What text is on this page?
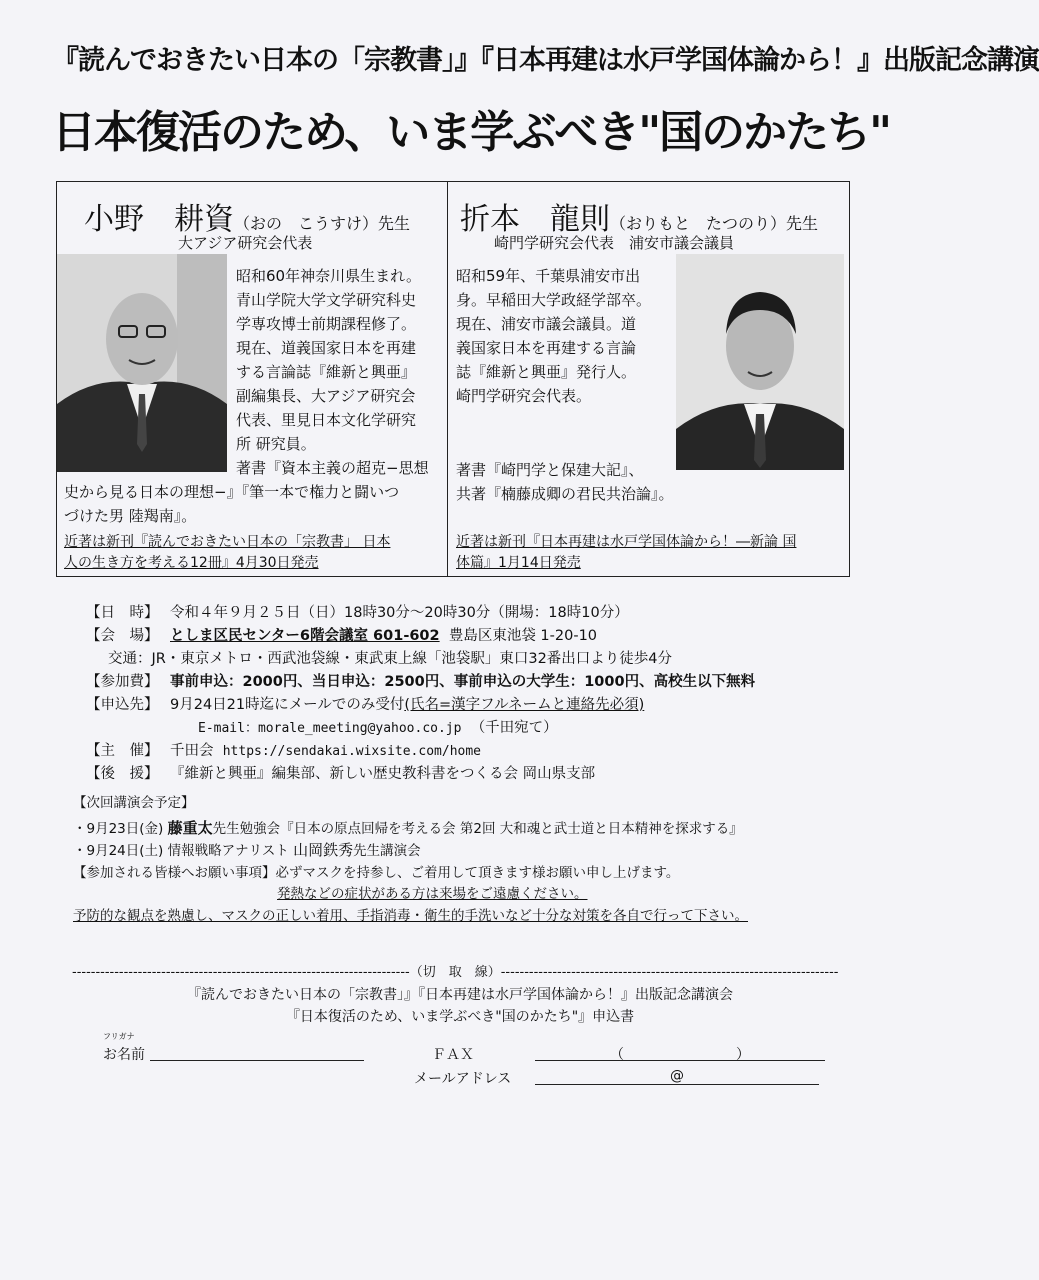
『読んでおきたい日本の「宗教書」』『日本再建は水戸学国体論から！』出版記念講演
日本復活のため、いま学ぶべき"国のかたち"
小野　耕資（おの　こうすけ）先生
大アジア研究会代表
昭和60年神奈川県生まれ。
青山学院大学文学研究科史
学専攻博士前期課程修了。
現在、道義国家日本を再建
する言論誌『維新と興亜』
副編集長、大アジア研究会
代表、里見日本文化学研究
所 研究員。
著書『資本主義の超克−思想
史から見る日本の理想−』『筆一本で権力と闘いつ
づけた男 陸羯南』。
近著は新刊『読んでおきたい日本の「宗教書」 日本
人の生き方を考える12冊』4月30日発売
折本　龍則（おりもと　たつのり）先生
崎門学研究会代表　浦安市議会議員
昭和59年、千葉県浦安市出
身。早稲田大学政経学部卒。
現在、浦安市議会議員。道
義国家日本を再建する言論
誌『維新と興亜』発行人。
崎門学研究会代表。
著書『崎門学と保建大記』、
共著『楠藤成卿の君民共治論』。
近著は新刊『日本再建は水戸学国体論から！―新論 国
体篇』1月14日発売
【日　時】 令和４年９月２５日（日）18時30分〜20時30分（開場：18時10分）
【会　場】 としま区民センター6階会議室 601-602 豊島区東池袋 1-20-10
交通：JR・東京メトロ・西武池袋線・東武東上線「池袋駅」東口32番出口より徒歩4分
【参加費】 事前申込：2000円、当日申込：2500円、事前申込の大学生：1000円、高校生以下無料
【申込先】 9月24日21時迄にメールでのみ受付(氏名=漢字フルネームと連絡先必須)
E-mail：morale_meeting@yahoo.co.jp （千田宛て）
【主　催】 千田会 https://sendakai.wixsite.com/home
【後　援】 『維新と興亜』編集部、新しい歴史教科書をつくる会 岡山県支部
【次回講演会予定】
・9月23日(金) 藤重太先生勉強会『日本の原点回帰を考える会 第2回 大和魂と武士道と日本精神を探求する』
・9月24日(土) 情報戦略アナリスト 山岡鉄秀先生講演会
【参加される皆様へお願い事項】必ずマスクを持参し、ご着用して頂きます様お願い申し上げます。
発熱などの症状がある方は来場をご遠慮ください。
予防的な観点を熟慮し、マスクの正しい着用、手指消毒・衛生的手洗いなど十分な対策を各自で行って下さい。
------------------------------------------------------------------------（切　取　線）------------------------------------------------------------------------
『読んでおきたい日本の「宗教書」』『日本再建は水戸学国体論から！』出版記念講演会
『日本復活のため、いま学ぶべき"国のかたち"』申込書
フリガナ
お名前	ＦＡＸ	（　　　　　　　　）
メールアドレス	@
